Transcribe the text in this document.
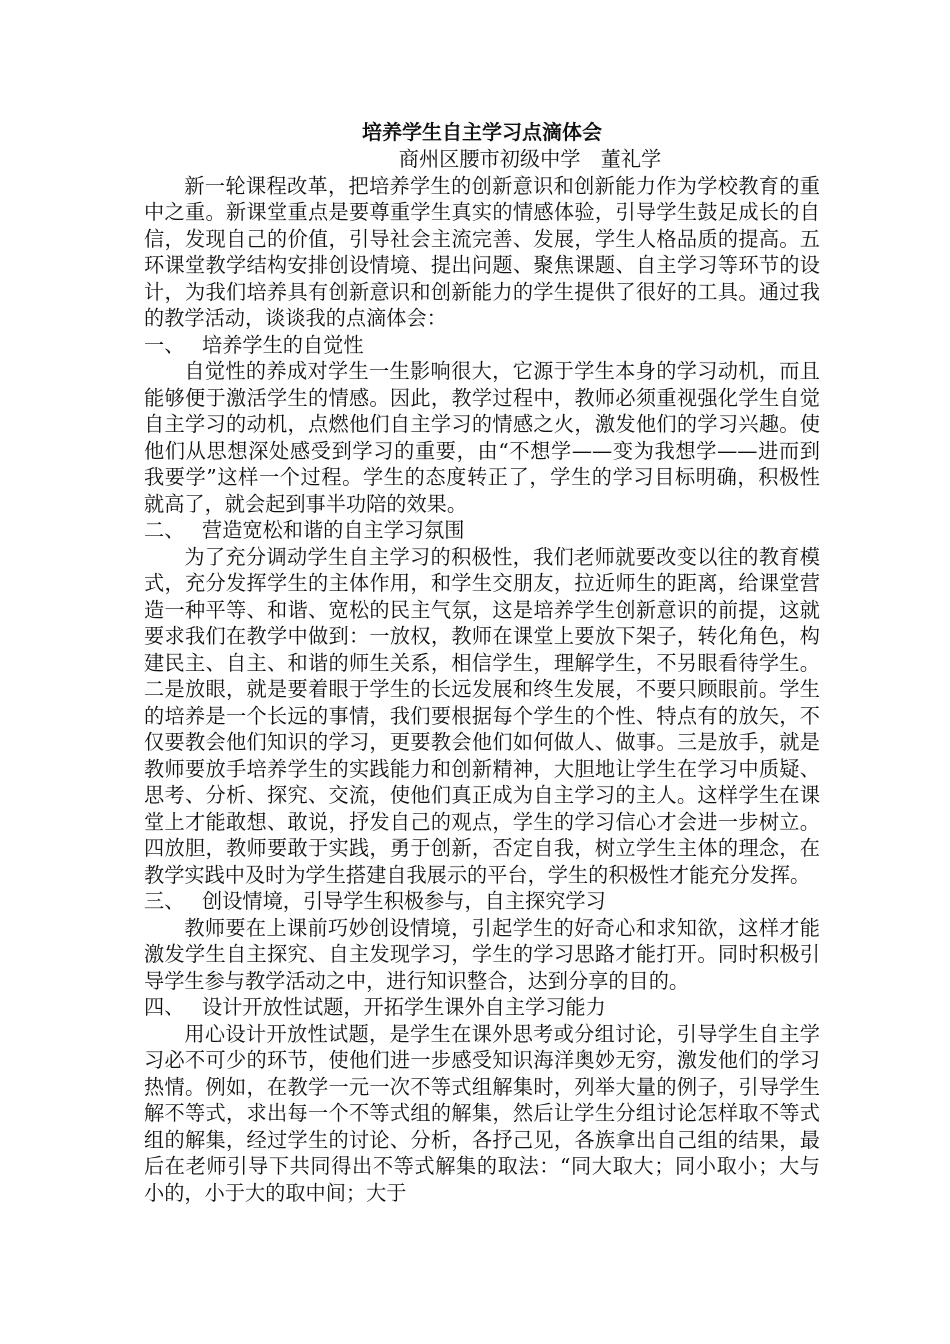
培养学生自主学习点滴体会

商州区腰市初级中学　董礼学

新一轮课程改革，把培养学生的创新意识和创新能力作为学校教育的重中之重。新课堂重点是要尊重学生真实的情感体验，引导学生鼓足成长的自信，发现自己的价值，引导社会主流完善、发展，学生人格品质的提高。五环课堂教学结构安排创设情境、提出问题、聚焦课题、自主学习等环节的设计，为我们培养具有创新意识和创新能力的学生提供了很好的工具。通过我的教学活动，谈谈我的点滴体会：

一、 培养学生的自觉性

自觉性的养成对学生一生影响很大，它源于学生本身的学习动机，而且能够便于激活学生的情感。因此，教学过程中，教师必须重视强化学生自觉自主学习的动机，点燃他们自主学习的情感之火，激发他们的学习兴趣。使他们从思想深处感受到学习的重要，由“不想学——变为我想学——进而到我要学”这样一个过程。学生的态度转正了，学生的学习目标明确，积极性就高了，就会起到事半功陪的效果。

二、 营造宽松和谐的自主学习氛围

为了充分调动学生自主学习的积极性，我们老师就要改变以往的教育模式，充分发挥学生的主体作用，和学生交朋友，拉近师生的距离，给课堂营造一种平等、和谐、宽松的民主气氛，这是培养学生创新意识的前提，这就要求我们在教学中做到：一放权，教师在课堂上要放下架子，转化角色，构建民主、自主、和谐的师生关系，相信学生，理解学生，不另眼看待学生。二是放眼，就是要着眼于学生的长远发展和终生发展，不要只顾眼前。学生的培养是一个长远的事情，我们要根据每个学生的个性、特点有的放矢，不仅要教会他们知识的学习，更要教会他们如何做人、做事。三是放手，就是教师要放手培养学生的实践能力和创新精神，大胆地让学生在学习中质疑、思考、分析、探究、交流，使他们真正成为自主学习的主人。这样学生在课堂上才能敢想、敢说，抒发自己的观点，学生的学习信心才会进一步树立。四放胆，教师要敢于实践，勇于创新，否定自我，树立学生主体的理念，在教学实践中及时为学生搭建自我展示的平台，学生的积极性才能充分发挥。

三、 创设情境，引导学生积极参与，自主探究学习

教师要在上课前巧妙创设情境，引起学生的好奇心和求知欲，这样才能激发学生自主探究、自主发现学习，学生的学习思路才能打开。同时积极引导学生参与教学活动之中，进行知识整合，达到分享的目的。

四、 设计开放性试题，开拓学生课外自主学习能力

用心设计开放性试题，是学生在课外思考或分组讨论，引导学生自主学习必不可少的环节，使他们进一步感受知识海洋奥妙无穷，激发他们的学习热情。例如，在教学一元一次不等式组解集时，列举大量的例子，引导学生解不等式，求出每一个不等式组的解集，然后让学生分组讨论怎样取不等式组的解集，经过学生的讨论、分析，各抒己见，各族拿出自己组的结果，最后在老师引导下共同得出不等式解集的取法：“同大取大；同小取小；大与小的，小于大的取中间；大于
